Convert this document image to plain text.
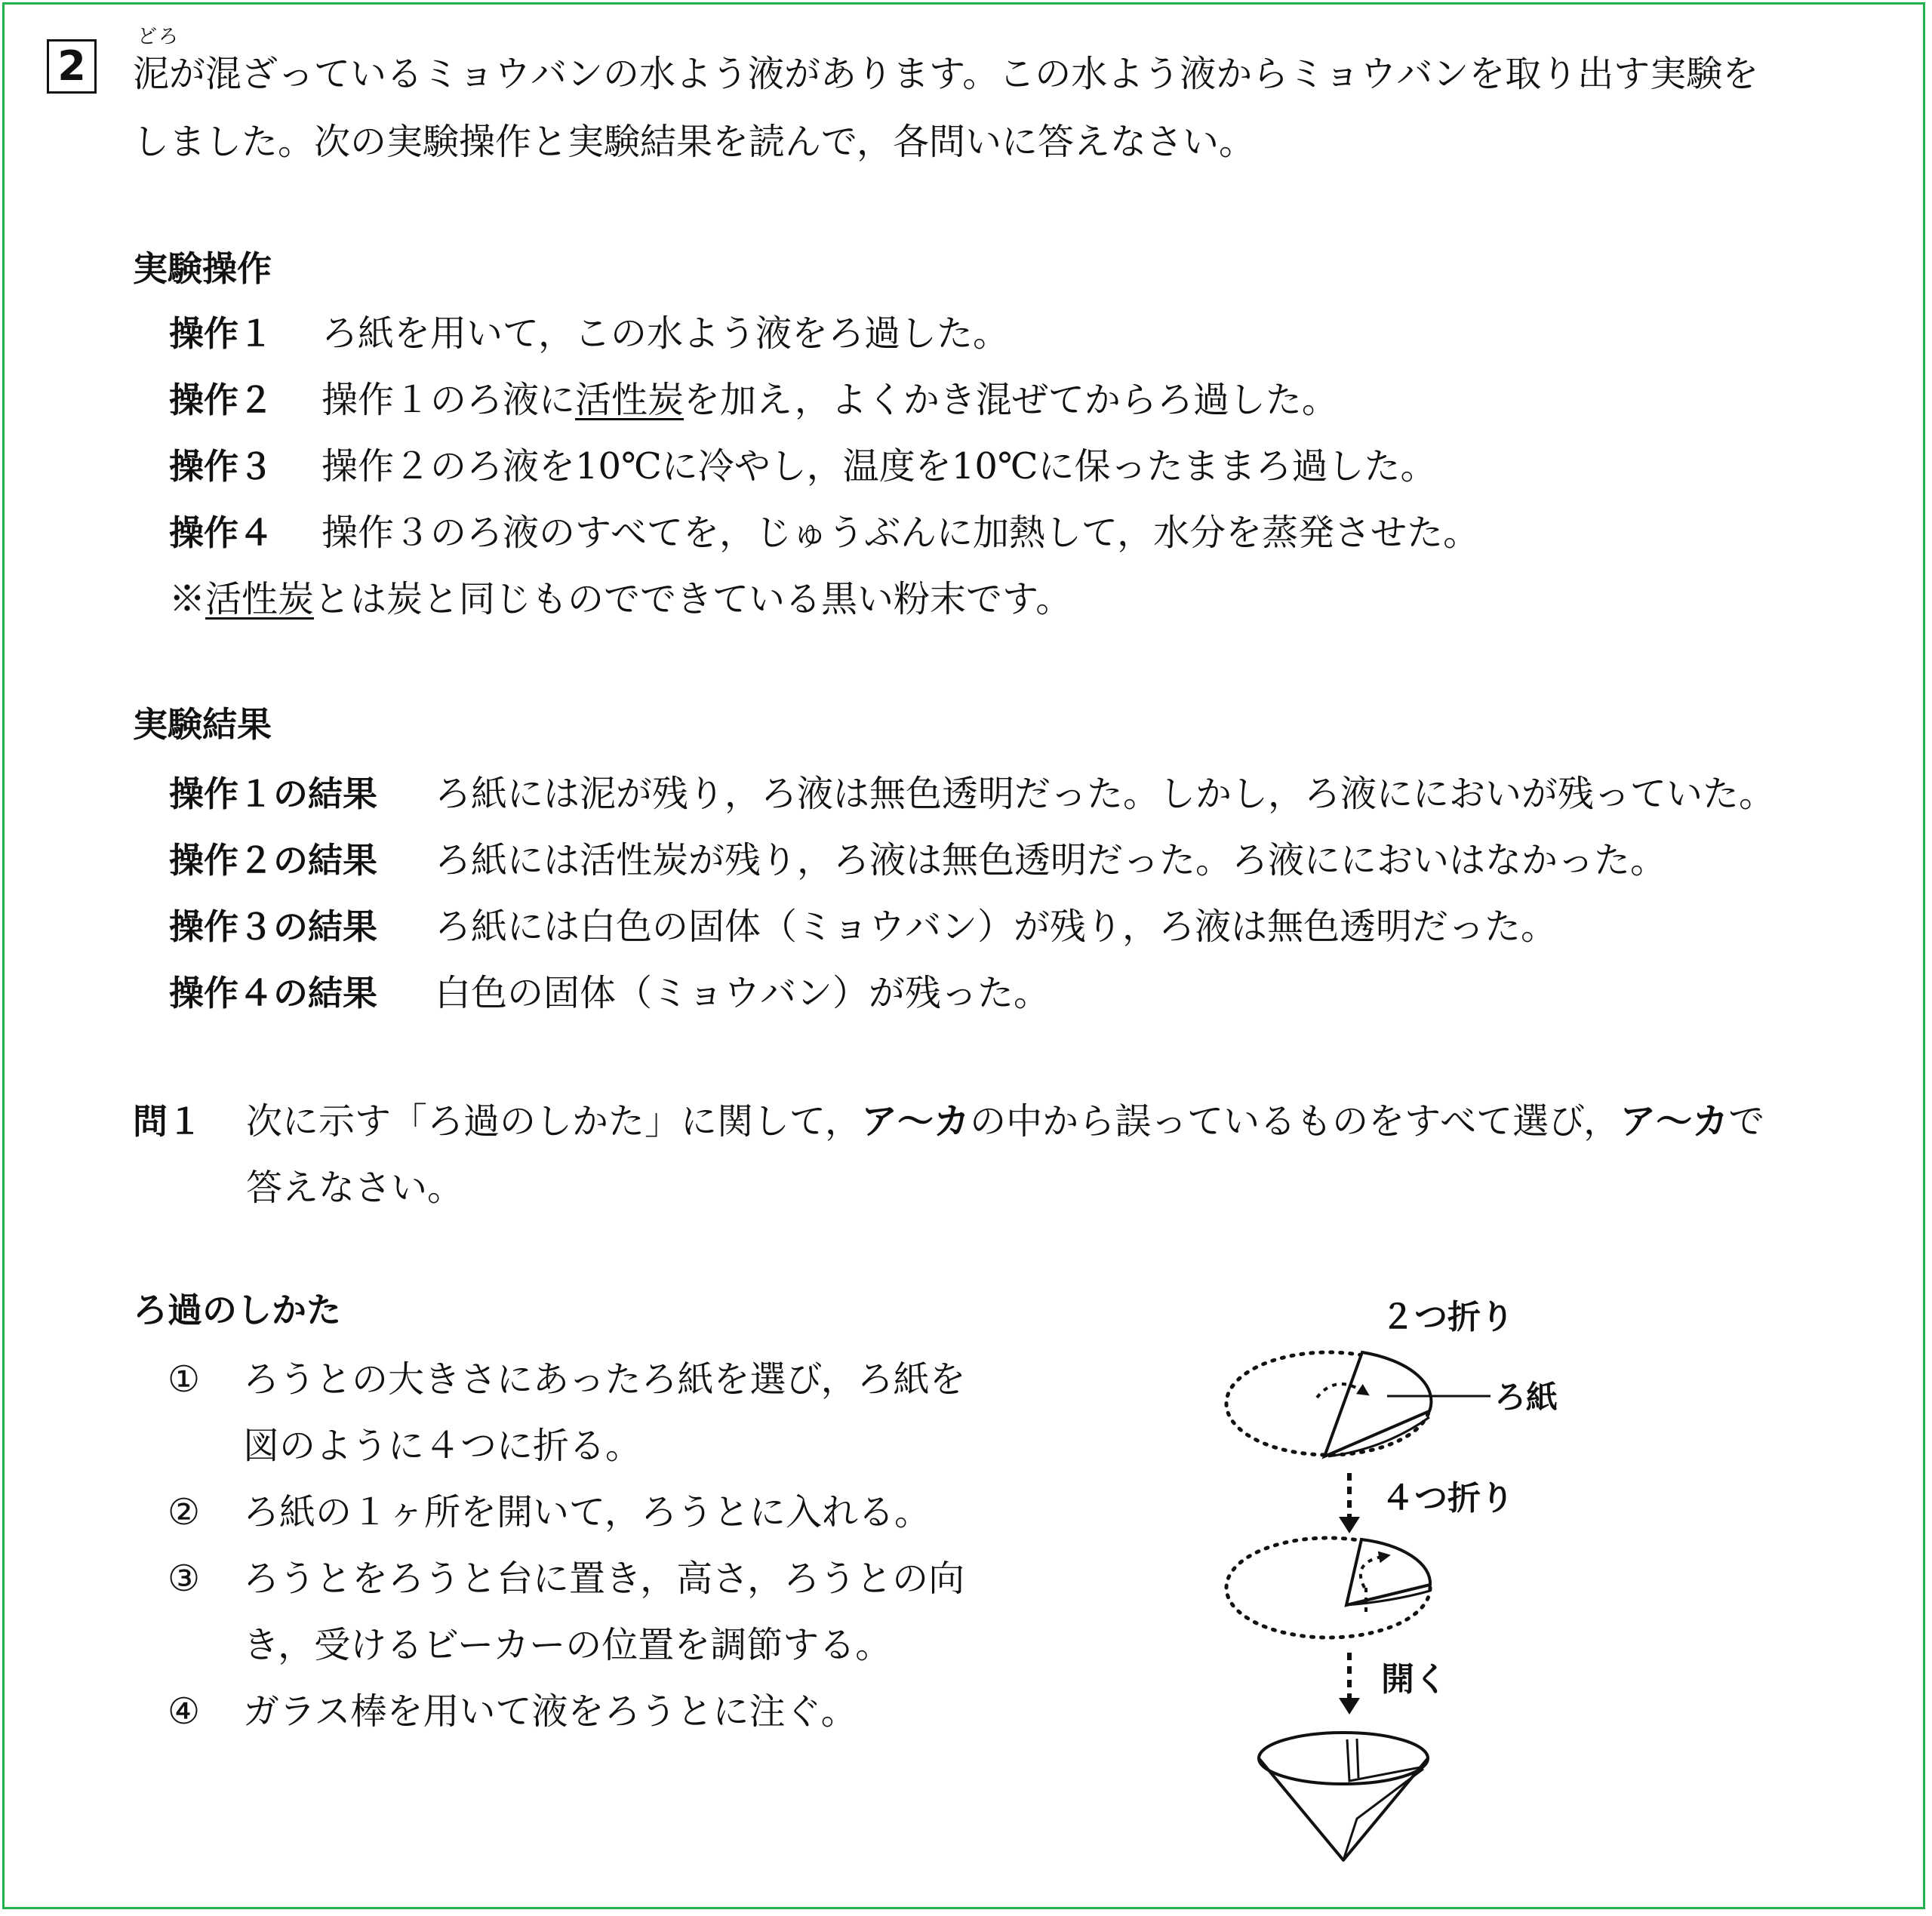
2
どろ
泥が混ざっているミョウバンの水よう液があります。この水よう液からミョウバンを取り出す実験を
しました。次の実験操作と実験結果を読んで，各問いに答えなさい。
実験操作
操作１ ろ紙を用いて，この水よう液をろ過した。
操作２ 操作１のろ液に活性炭を加え，よくかき混ぜてからろ過した。
操作３ 操作２のろ液を10℃に冷やし，温度を10℃に保ったままろ過した。
操作４ 操作３のろ液のすべてを，じゅうぶんに加熱して，水分を蒸発させた。
※活性炭とは炭と同じものでできている黒い粉末です。
実験結果
操作１の結果 ろ紙には泥が残り，ろ液は無色透明だった。しかし，ろ液ににおいが残っていた。
操作２の結果 ろ紙には活性炭が残り，ろ液は無色透明だった。ろ液ににおいはなかった。
操作３の結果 ろ紙には白色の固体（ミョウバン）が残り，ろ液は無色透明だった。
操作４の結果 白色の固体（ミョウバン）が残った。
問１ 次に示す「ろ過のしかた」に関して，ア～カの中から誤っているものをすべて選び，ア～カで
答えなさい。
ろ過のしかた
① ろうとの大きさにあったろ紙を選び，ろ紙を
図のように４つに折る。
② ろ紙の１ヶ所を開いて，ろうとに入れる。
③ ろうとをろうと台に置き，高さ，ろうとの向
き，受けるビーカーの位置を調節する。
④ ガラス棒を用いて液をろうとに注ぐ。
２つ折り
ろ紙
４つ折り
開く
